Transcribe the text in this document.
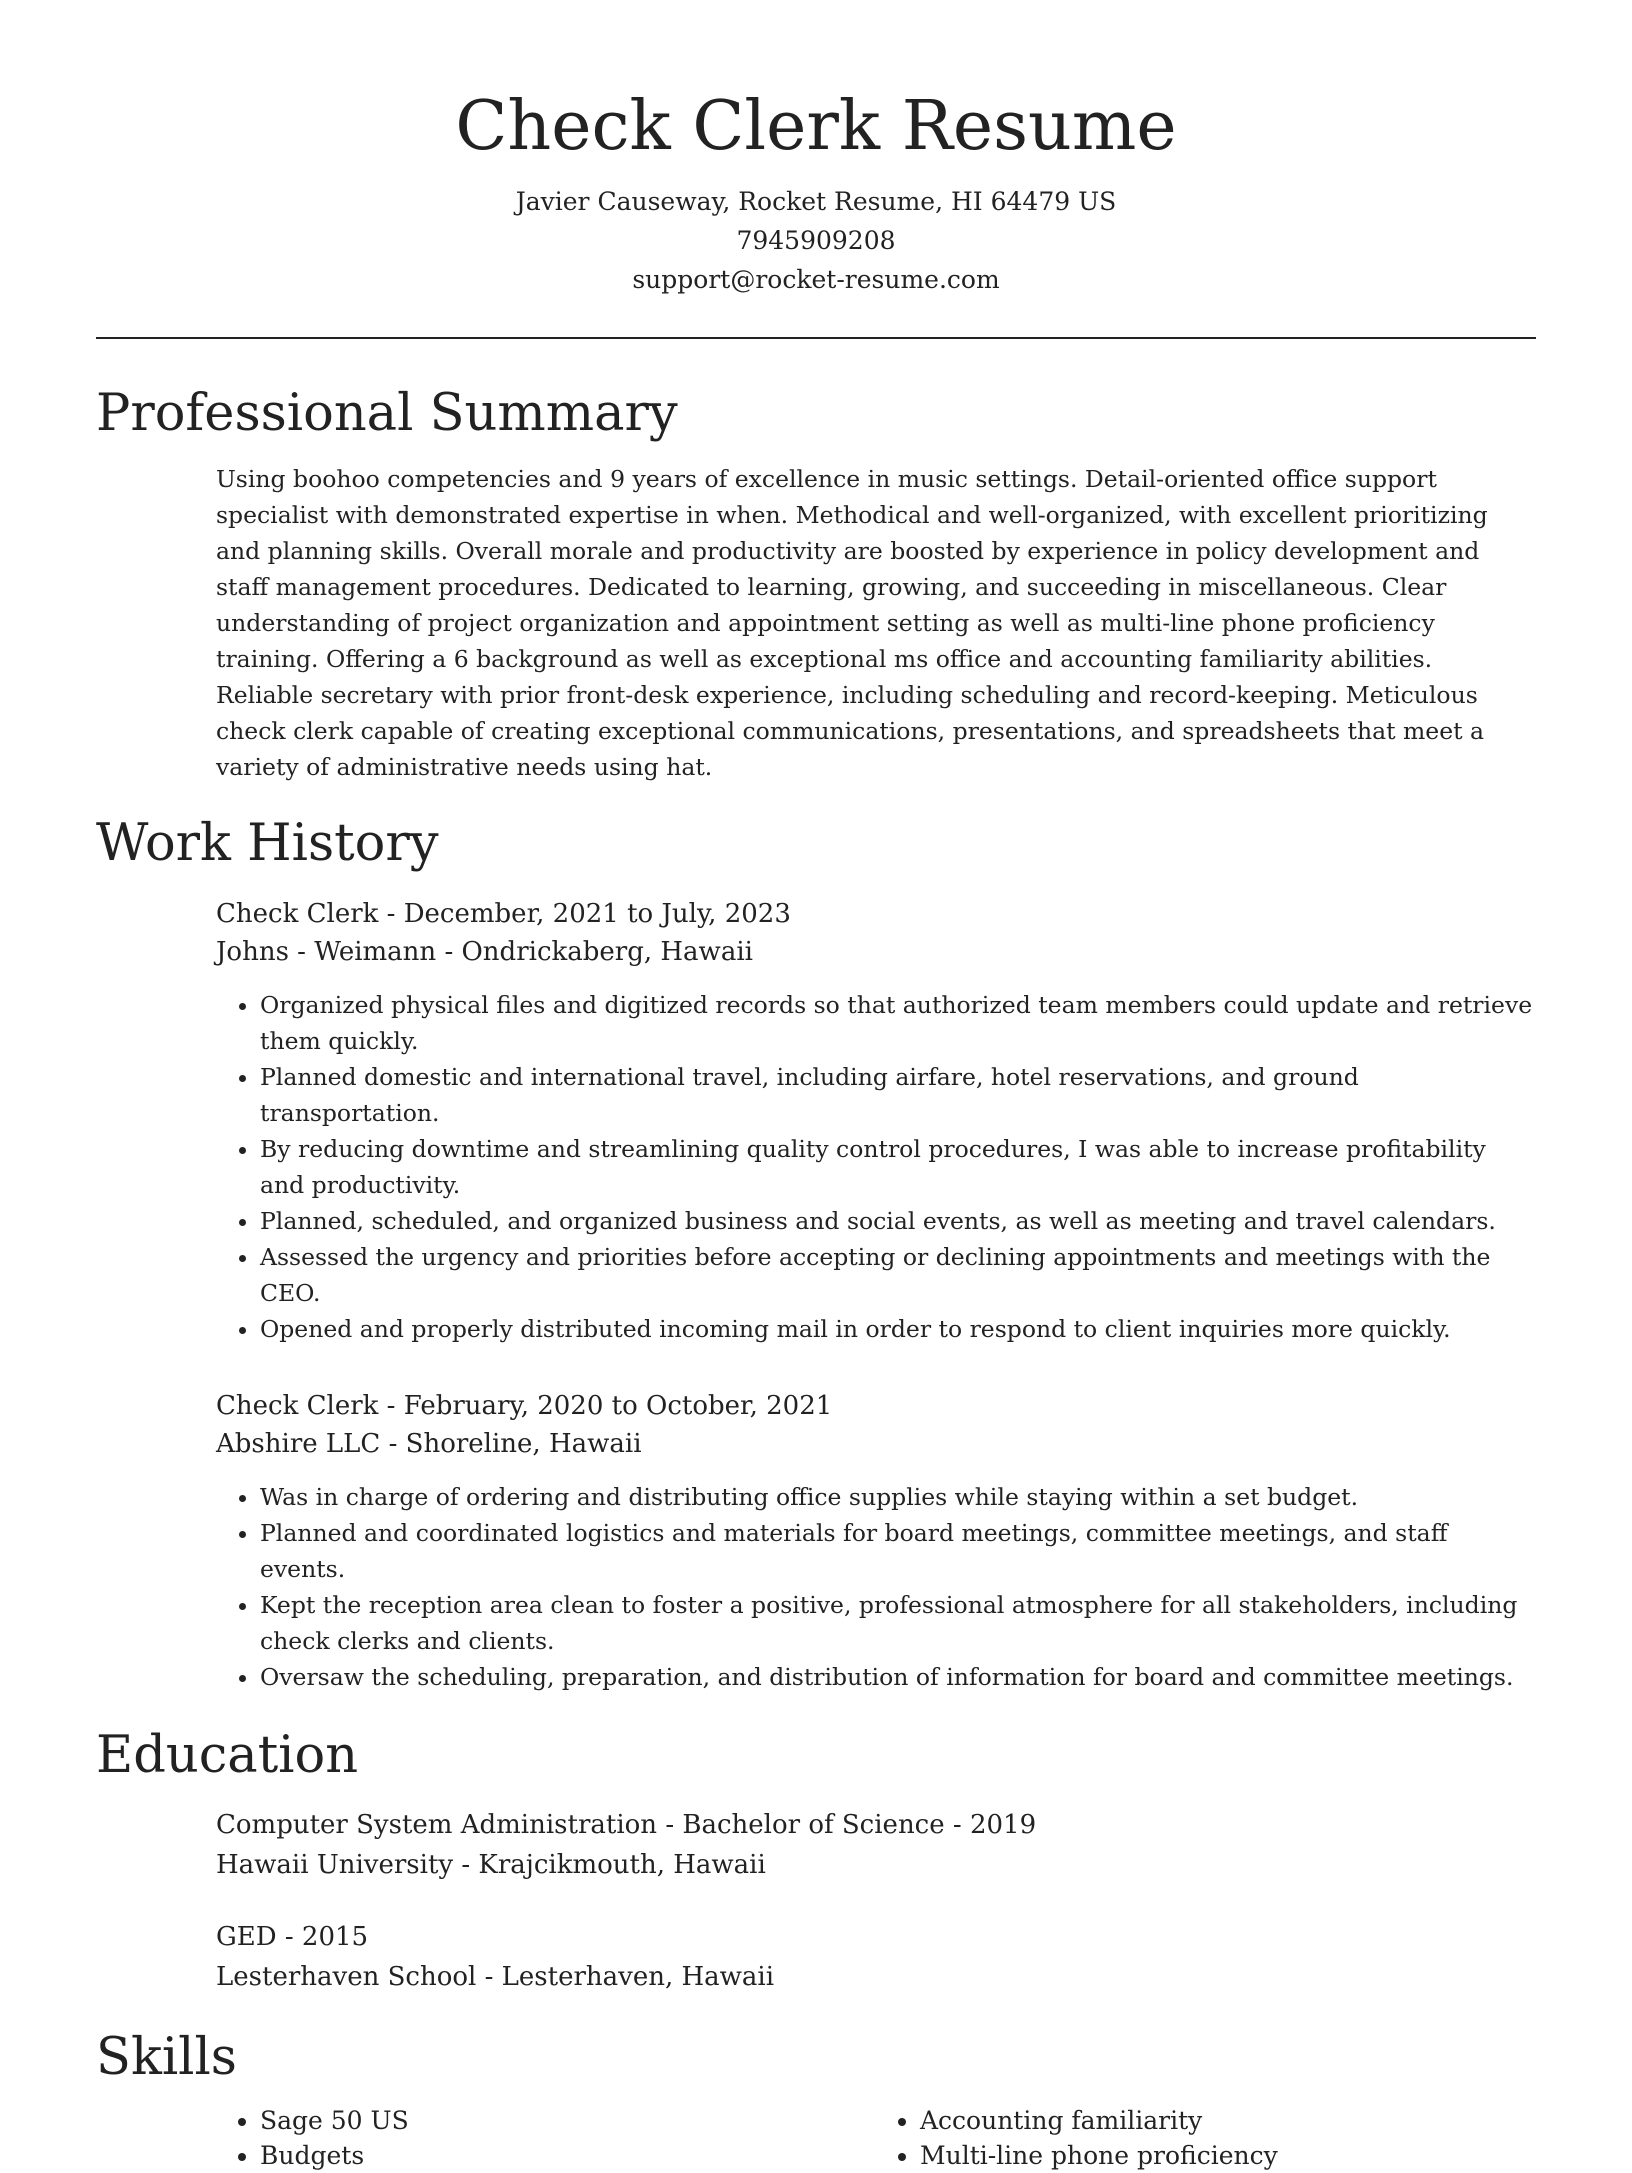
Check Clerk Resume
Javier Causeway, Rocket Resume, HI 64479 US
7945909208
support@rocket-resume.com
Professional Summary

Using boohoo competencies and 9 years of excellence in music settings. Detail-oriented office support specialist with demonstrated expertise in when. Methodical and well-organized, with excellent prioritizing and planning skills. Overall morale and productivity are boosted by experience in policy development and staff management procedures. Dedicated to learning, growing, and succeeding in miscellaneous. Clear understanding of project organization and appointment setting as well as multi-line phone proficiency training. Offering a 6 background as well as exceptional ms office and accounting familiarity abilities. Reliable secretary with prior front-desk experience, including scheduling and record-keeping. Meticulous check clerk capable of creating exceptional communications, presentations, and spreadsheets that meet a variety of administrative needs using hat.

Work History
Check Clerk - December, 2021 to July, 2023
Johns - Weimann - Ondrickaberg, Hawaii
• Organized physical files and digitized records so that authorized team members could update and retrieve them quickly.
• Planned domestic and international travel, including airfare, hotel reservations, and ground transportation.
• By reducing downtime and streamlining quality control procedures, I was able to increase profitability and productivity.
• Planned, scheduled, and organized business and social events, as well as meeting and travel calendars.
• Assessed the urgency and priorities before accepting or declining appointments and meetings with the CEO.
• Opened and properly distributed incoming mail in order to respond to client inquiries more quickly.
Check Clerk - February, 2020 to October, 2021
Abshire LLC - Shoreline, Hawaii
• Was in charge of ordering and distributing office supplies while staying within a set budget.
• Planned and coordinated logistics and materials for board meetings, committee meetings, and staff events.
• Kept the reception area clean to foster a positive, professional atmosphere for all stakeholders, including check clerks and clients.
• Oversaw the scheduling, preparation, and distribution of information for board and committee meetings.
Education
Computer System Administration - Bachelor of Science - 2019
Hawaii University - Krajcikmouth, Hawaii
GED - 2015
Lesterhaven School - Lesterhaven, Hawaii
Skills
• Sage 50 US
• Budgets
• Accounting familiarity
• Multi-line phone proficiency
